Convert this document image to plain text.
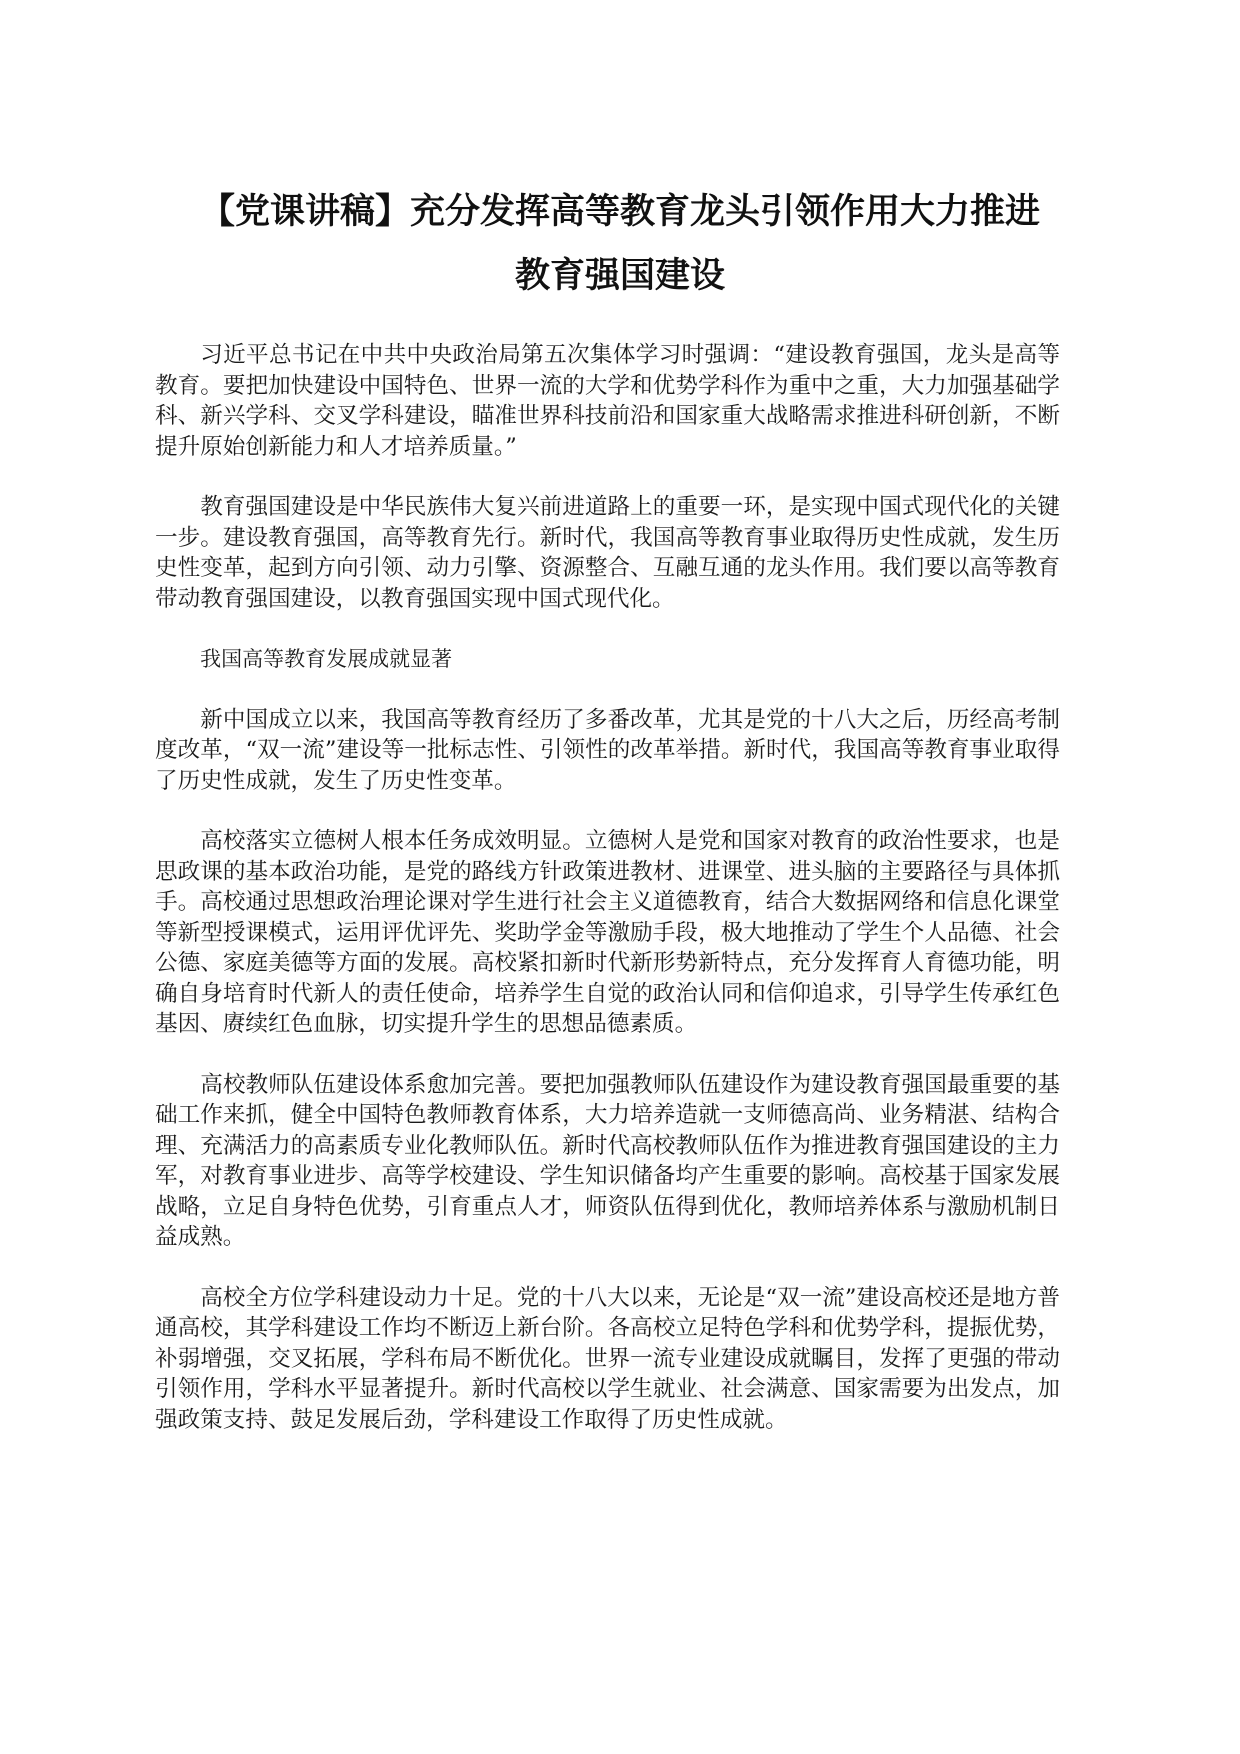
【党课讲稿】充分发挥高等教育龙头引领作用大力推进
教育强国建设

习近平总书记在中共中央政治局第五次集体学习时强调：“建设教育强国，龙头是高等教育。要把加快建设中国特色、世界一流的大学和优势学科作为重中之重，大力加强基础学科、新兴学科、交叉学科建设，瞄准世界科技前沿和国家重大战略需求推进科研创新，不断提升原始创新能力和人才培养质量。”

教育强国建设是中华民族伟大复兴前进道路上的重要一环，是实现中国式现代化的关键一步。建设教育强国，高等教育先行。新时代，我国高等教育事业取得历史性成就，发生历史性变革，起到方向引领、动力引擎、资源整合、互融互通的龙头作用。我们要以高等教育带动教育强国建设，以教育强国实现中国式现代化。

我国高等教育发展成就显著

新中国成立以来，我国高等教育经历了多番改革，尤其是党的十八大之后，历经高考制度改革，“双一流”建设等一批标志性、引领性的改革举措。新时代，我国高等教育事业取得了历史性成就，发生了历史性变革。

高校落实立德树人根本任务成效明显。立德树人是党和国家对教育的政治性要求，也是思政课的基本政治功能，是党的路线方针政策进教材、进课堂、进头脑的主要路径与具体抓手。高校通过思想政治理论课对学生进行社会主义道德教育，结合大数据网络和信息化课堂等新型授课模式，运用评优评先、奖助学金等激励手段，极大地推动了学生个人品德、社会公德、家庭美德等方面的发展。高校紧扣新时代新形势新特点，充分发挥育人育德功能，明确自身培育时代新人的责任使命，培养学生自觉的政治认同和信仰追求，引导学生传承红色基因、赓续红色血脉，切实提升学生的思想品德素质。

高校教师队伍建设体系愈加完善。要把加强教师队伍建设作为建设教育强国最重要的基础工作来抓，健全中国特色教师教育体系，大力培养造就一支师德高尚、业务精湛、结构合理、充满活力的高素质专业化教师队伍。新时代高校教师队伍作为推进教育强国建设的主力军，对教育事业进步、高等学校建设、学生知识储备均产生重要的影响。高校基于国家发展战略，立足自身特色优势，引育重点人才，师资队伍得到优化，教师培养体系与激励机制日益成熟。

高校全方位学科建设动力十足。党的十八大以来，无论是“双一流”建设高校还是地方普通高校，其学科建设工作均不断迈上新台阶。各高校立足特色学科和优势学科，提振优势，补弱增强，交叉拓展，学科布局不断优化。世界一流专业建设成就瞩目，发挥了更强的带动引领作用，学科水平显著提升。新时代高校以学生就业、社会满意、国家需要为出发点，加强政策支持、鼓足发展后劲，学科建设工作取得了历史性成就。
